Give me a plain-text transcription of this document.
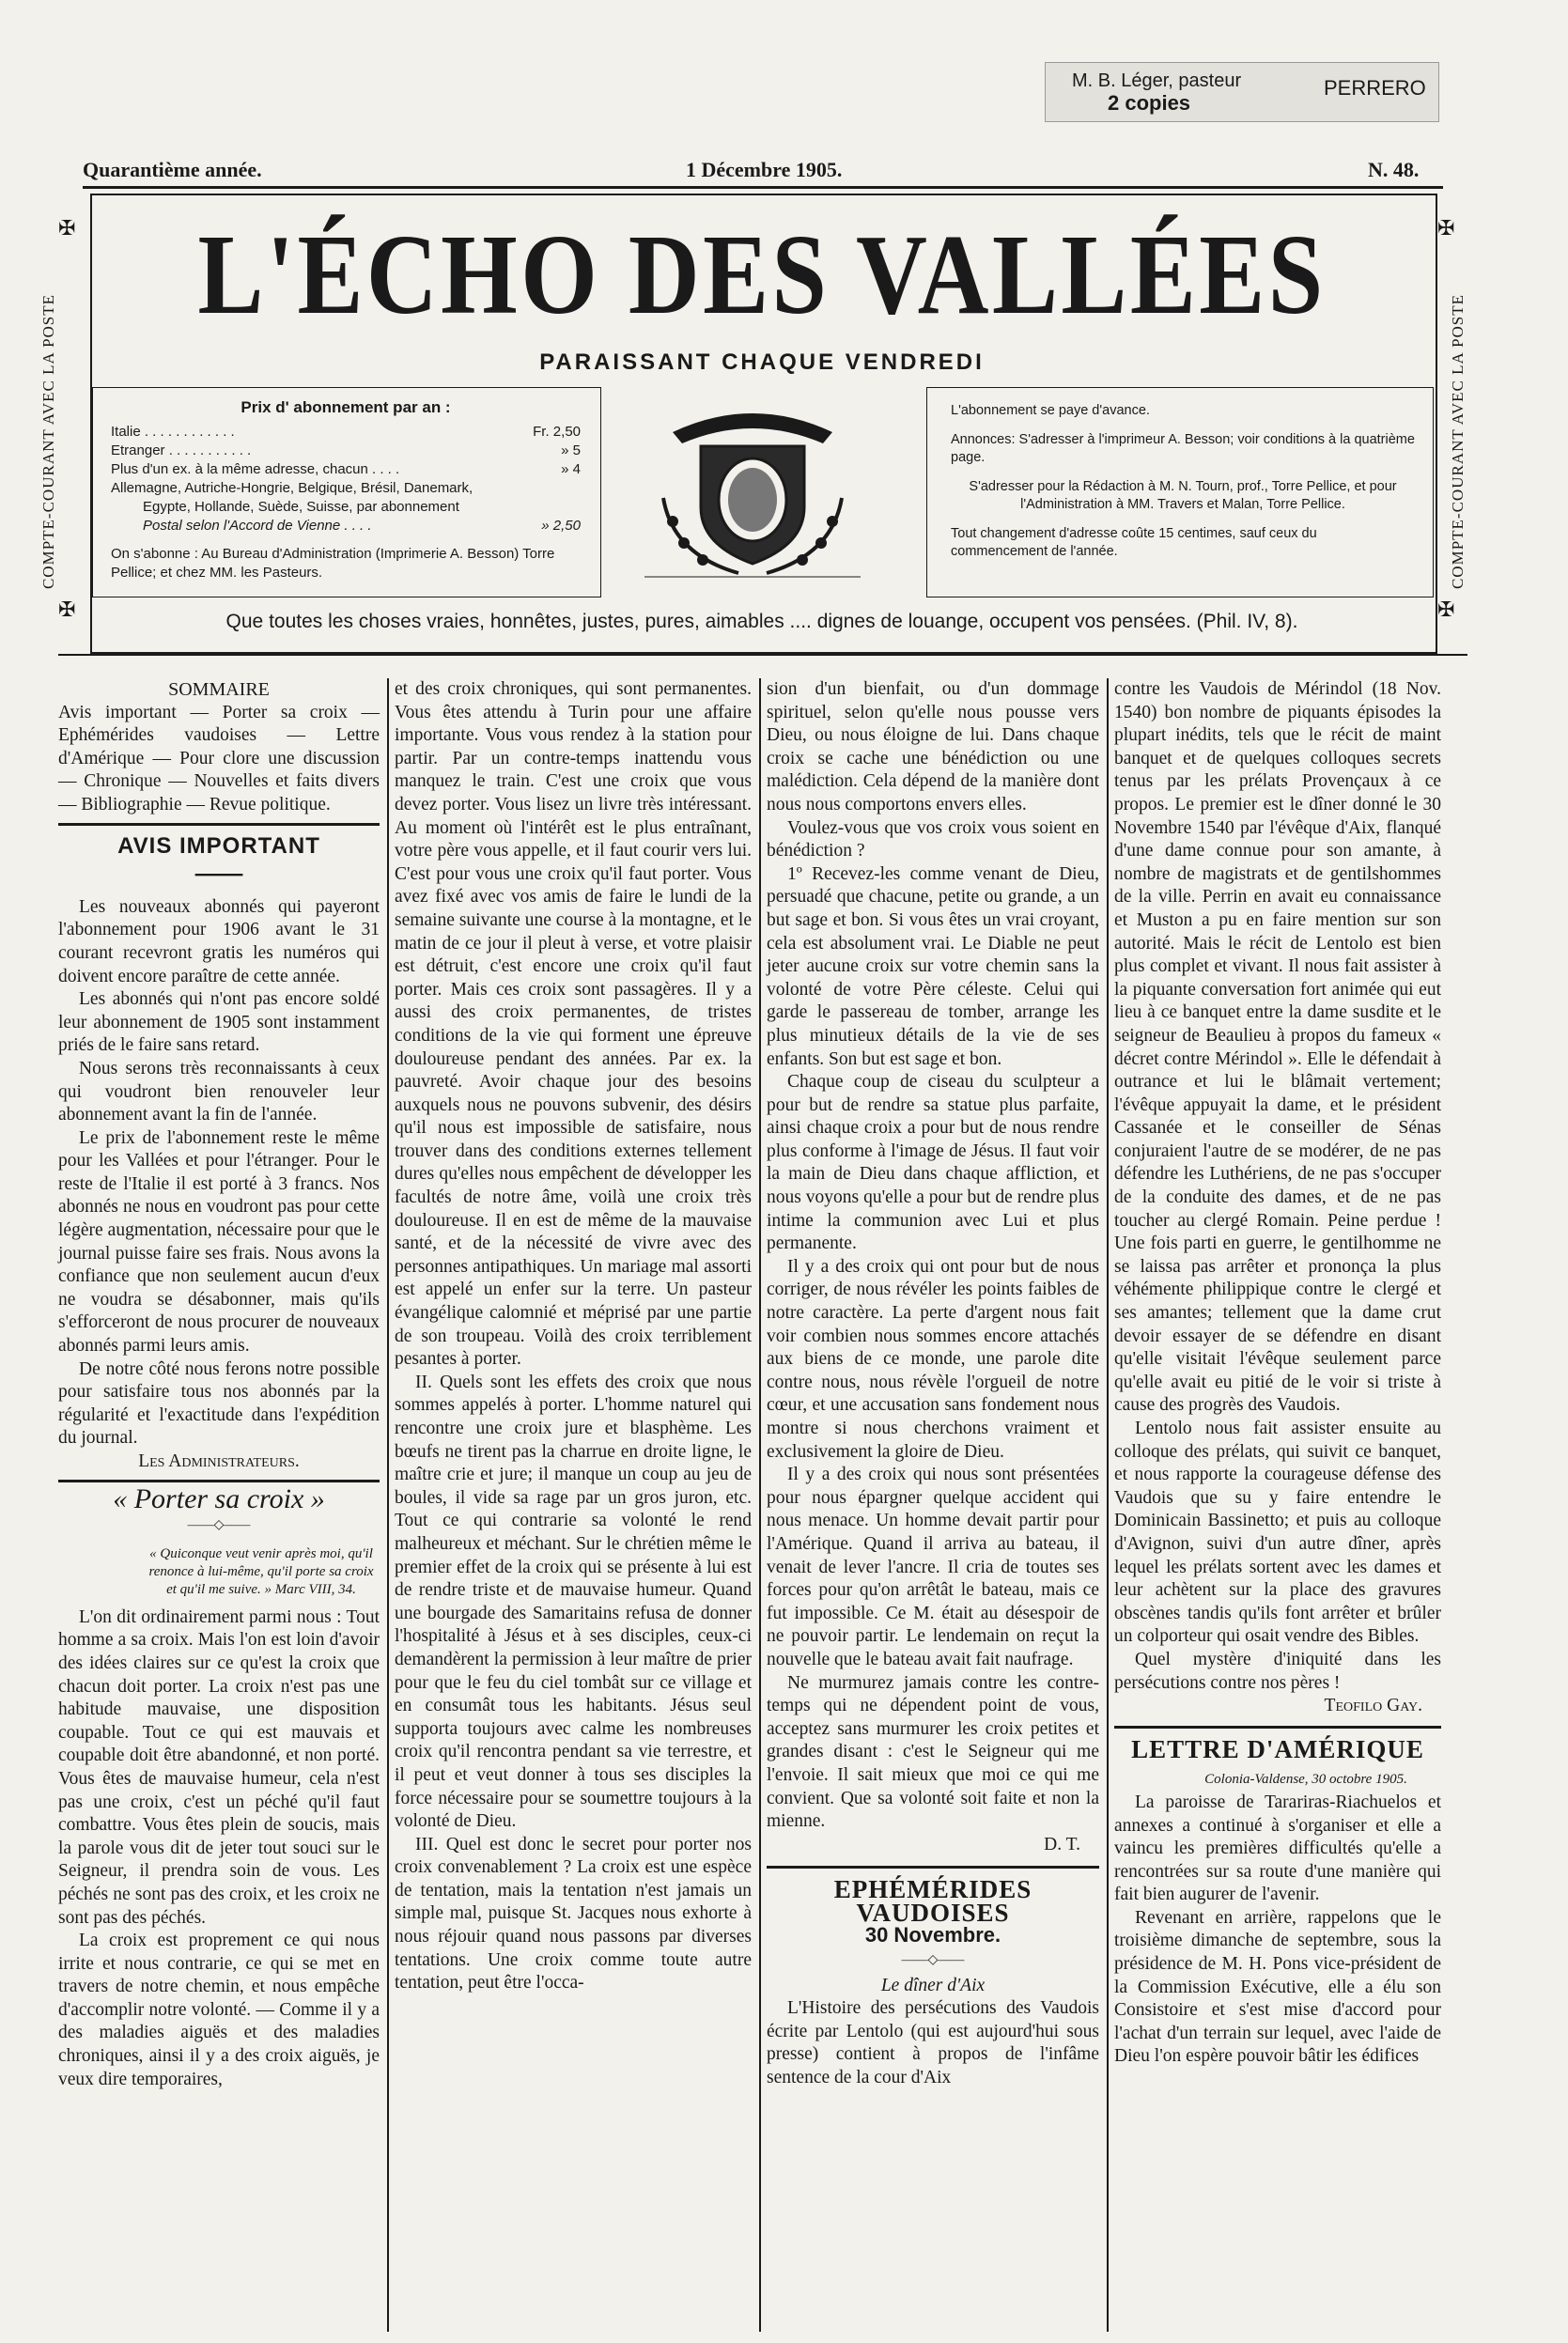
M. B. Léger, pasteur
2 copies
PERRERO
Quarantième année.	1 Décembre 1905.	N. 48.
COMPTE-COURANT AVEC LA POSTE	COMPTE-COURANT AVEC LA POSTE
✠	✠
✠	✠
L'ÉCHO DES VALLÉES
PARAISSANT CHAQUE VENDREDI
Prix d' abonnement par an :
Italie . . . . . . . . . . . .	Fr. 2,50
Etranger . . . . . . . . . . .	» 5
Plus d'un ex. à la même adresse, chacun . . . .	» 4
Allemagne, Autriche-Hongrie, Belgique, Brésil, Danemark,
Egypte, Hollande, Suède, Suisse, par abonnement
Postal selon l'Accord de Vienne . . . .	» 2,50
On s'abonne : Au Bureau d'Administration (Imprimerie A. Besson) Torre Pellice; et chez MM. les Pasteurs.
L'abonnement se paye d'avance.
Annonces: S'adresser à l'imprimeur A. Besson; voir conditions à la quatrième page.
S'adresser pour la Rédaction à M. N. Tourn, prof., Torre Pellice, et pour l'Administration à MM. Travers et Malan, Torre Pellice.
Tout changement d'adresse coûte 15 centimes, sauf ceux du commencement de l'année.
Que toutes les choses vraies, honnêtes, justes, pures, aimables .... dignes de louange, occupent vos pensées. (Phil. IV, 8).
SOMMAIRE

Avis important — Porter sa croix — Ephémérides vaudoises — Lettre d'Amérique — Pour clore une discussion — Chronique — Nouvelles et faits divers — Bibliographie — Revue politique.

AVIS IMPORTANT
━━━━━━

Les nouveaux abonnés qui payeront l'abonnement pour 1906 avant le 31 courant recevront gratis les numéros qui doivent encore paraître de cette année.

Les abonnés qui n'ont pas encore soldé leur abonnement de 1905 sont instamment priés de le faire sans retard.

Nous serons très reconnaissants à ceux qui voudront bien renouveler leur abonnement avant la fin de l'année.

Le prix de l'abonnement reste le même pour les Vallées et pour l'étranger. Pour le reste de l'Italie il est porté à 3 francs. Nos abonnés ne nous en voudront pas pour cette légère augmentation, nécessaire pour que le journal puisse faire ses frais. Nous avons la confiance que non seulement aucun d'eux ne voudra se désabonner, mais qu'ils s'efforceront de nous procurer de nouveaux abonnés parmi leurs amis.

De notre côté nous ferons notre possible pour satisfaire tous nos abonnés par la régularité et l'exactitude dans l'expédition du journal.

Les Administrateurs.
« Porter sa croix »
——◇——
« Quiconque veut venir après moi, qu'il renonce à lui-même, qu'il porte sa croix et qu'il me suive. » Marc VIII, 34.

L'on dit ordinairement parmi nous : Tout homme a sa croix. Mais l'on est loin d'avoir des idées claires sur ce qu'est la croix que chacun doit porter. La croix n'est pas une habitude mauvaise, une disposition coupable. Tout ce qui est mauvais et coupable doit être abandonné, et non porté. Vous êtes de mauvaise humeur, cela n'est pas une croix, c'est un péché qu'il faut combattre. Vous êtes plein de soucis, mais la parole vous dit de jeter tout souci sur le Seigneur, il prendra soin de vous. Les péchés ne sont pas des croix, et les croix ne sont pas des péchés.

La croix est proprement ce qui nous irrite et nous contrarie, ce qui se met en travers de notre chemin, et nous empêche d'accomplir notre volonté. — Comme il y a des maladies aiguës et des maladies chroniques, ainsi il y a des croix aiguës, je veux dire temporaires,

et des croix chroniques, qui sont permanentes. Vous êtes attendu à Turin pour une affaire importante. Vous vous rendez à la station pour partir. Par un contre-temps inattendu vous manquez le train. C'est une croix que vous devez porter. Vous lisez un livre très intéressant. Au moment où l'intérêt est le plus entraînant, votre père vous appelle, et il faut courir vers lui. C'est pour vous une croix qu'il faut porter. Vous avez fixé avec vos amis de faire le lundi de la semaine suivante une course à la montagne, et le matin de ce jour il pleut à verse, et votre plaisir est détruit, c'est encore une croix qu'il faut porter. Mais ces croix sont passagères. Il y a aussi des croix permanentes, de tristes conditions de la vie qui forment une épreuve douloureuse pendant des années. Par ex. la pauvreté. Avoir chaque jour des besoins auxquels nous ne pouvons subvenir, des désirs qu'il nous est impossible de satisfaire, nous trouver dans des conditions externes tellement dures qu'elles nous empêchent de développer les facultés de notre âme, voilà une croix très douloureuse. Il en est de même de la mauvaise santé, et de la nécessité de vivre avec des personnes antipathiques. Un mariage mal assorti est appelé un enfer sur la terre. Un pasteur évangélique calomnié et méprisé par une partie de son troupeau. Voilà des croix terriblement pesantes à porter.

II. Quels sont les effets des croix que nous sommes appelés à porter. L'homme naturel qui rencontre une croix jure et blasphème. Les bœufs ne tirent pas la charrue en droite ligne, le maître crie et jure; il manque un coup au jeu de boules, il vide sa rage par un gros juron, etc. Tout ce qui contrarie sa volonté le rend malheureux et méchant. Sur le chrétien même le premier effet de la croix qui se présente à lui est de rendre triste et de mauvaise humeur. Quand une bourgade des Samaritains refusa de donner l'hospitalité à Jésus et à ses disciples, ceux-ci demandèrent la permission à leur maître de prier pour que le feu du ciel tombât sur ce village et en consumât tous les habitants. Jésus seul supporta toujours avec calme les nombreuses croix qu'il rencontra pendant sa vie terrestre, et il peut et veut donner à tous ses disciples la force nécessaire pour se soumettre toujours à la volonté de Dieu.

III. Quel est donc le secret pour porter nos croix convenablement ? La croix est une espèce de tentation, mais la tentation n'est jamais un simple mal, puisque St. Jacques nous exhorte à nous réjouir quand nous passons par diverses tentations. Une croix comme toute autre tentation, peut être l'occa-

sion d'un bienfait, ou d'un dommage spirituel, selon qu'elle nous pousse vers Dieu, ou nous éloigne de lui. Dans chaque croix se cache une bénédiction ou une malédiction. Cela dépend de la manière dont nous nous comportons envers elles.

Voulez-vous que vos croix vous soient en bénédiction ?

1º Recevez-les comme venant de Dieu, persuadé que chacune, petite ou grande, a un but sage et bon. Si vous êtes un vrai croyant, cela est absolument vrai. Le Diable ne peut jeter aucune croix sur votre chemin sans la volonté de votre Père céleste. Celui qui garde le passereau de tomber, arrange les plus minutieux détails de la vie de ses enfants. Son but est sage et bon.

Chaque coup de ciseau du sculpteur a pour but de rendre sa statue plus parfaite, ainsi chaque croix a pour but de nous rendre plus conforme à l'image de Jésus. Il faut voir la main de Dieu dans chaque affliction, et nous voyons qu'elle a pour but de rendre plus intime la communion avec Lui et plus permanente.

Il y a des croix qui ont pour but de nous corriger, de nous révéler les points faibles de notre caractère. La perte d'argent nous fait voir combien nous sommes encore attachés aux biens de ce monde, une parole dite contre nous, nous révèle l'orgueil de notre cœur, et une accusation sans fondement nous montre si nous cherchons vraiment et exclusivement la gloire de Dieu.

Il y a des croix qui nous sont présentées pour nous épargner quelque accident qui nous menace. Un homme devait partir pour l'Amérique. Quand il arriva au bateau, il venait de lever l'ancre. Il cria de toutes ses forces pour qu'on arrêtât le bateau, mais ce fut impossible. Ce M. était au désespoir de ne pouvoir partir. Le lendemain on reçut la nouvelle que le bateau avait fait naufrage.

Ne murmurez jamais contre les contre-temps qui ne dépendent point de vous, acceptez sans murmurer les croix petites et grandes disant : c'est le Seigneur qui me l'envoie. Il sait mieux que moi ce qui me convient. Que sa volonté soit faite et non la mienne.

D. T.
EPHÉMÉRIDES VAUDOISES
30 Novembre.
——◇——
Le dîner d'Aix

L'Histoire des persécutions des Vaudois écrite par Lentolo (qui est aujourd'hui sous presse) contient à propos de l'infâme sentence de la cour d'Aix

contre les Vaudois de Mérindol (18 Nov. 1540) bon nombre de piquants épisodes la plupart inédits, tels que le récit de maint banquet et de quelques colloques secrets tenus par les prélats Provençaux à ce propos. Le premier est le dîner donné le 30 Novembre 1540 par l'évêque d'Aix, flanqué d'une dame connue pour son amante, à nombre de magistrats et de gentilshommes de la ville. Perrin en avait eu connaissance et Muston a pu en faire mention sur son autorité. Mais le récit de Lentolo est bien plus complet et vivant. Il nous fait assister à la piquante conversation fort animée qui eut lieu à ce banquet entre la dame susdite et le seigneur de Beaulieu à propos du fameux « décret contre Mérindol ». Elle le défendait à outrance et lui le blâmait vertement; l'évêque appuyait la dame, et le président Cassanée et le conseiller de Sénas conjuraient l'autre de se modérer, de ne pas défendre les Luthériens, de ne pas s'occuper de la conduite des dames, et de ne pas toucher au clergé Romain. Peine perdue ! Une fois parti en guerre, le gentilhomme ne se laissa pas arrêter et prononça la plus véhémente philippique contre le clergé et ses amantes; tellement que la dame crut devoir essayer de se défendre en disant qu'elle visitait l'évêque seulement parce qu'elle avait eu pitié de le voir si triste à cause des progrès des Vaudois.

Lentolo nous fait assister ensuite au colloque des prélats, qui suivit ce banquet, et nous rapporte la courageuse défense des Vaudois que su y faire entendre le Dominicain Bassinetto; et puis au colloque d'Avignon, suivi d'un autre dîner, après lequel les prélats sortent avec les dames et leur achètent sur la place des gravures obscènes tandis qu'ils font arrêter et brûler un colporteur qui osait vendre des Bibles.

Quel mystère d'iniquité dans les persécutions contre nos pères !

Teofilo Gay.
LETTRE D'AMÉRIQUE
Colonia-Valdense, 30 octobre 1905.

La paroisse de Tarariras-Riachuelos et annexes a continué à s'organiser et elle a vaincu les premières difficultés qu'elle a rencontrées sur sa route d'une manière qui fait bien augurer de l'avenir.

Revenant en arrière, rappelons que le troisième dimanche de septembre, sous la présidence de M. H. Pons vice-président de la Commission Exécutive, elle a élu son Consistoire et s'est mise d'accord pour l'achat d'un terrain sur lequel, avec l'aide de Dieu l'on espère pouvoir bâtir les édifices
